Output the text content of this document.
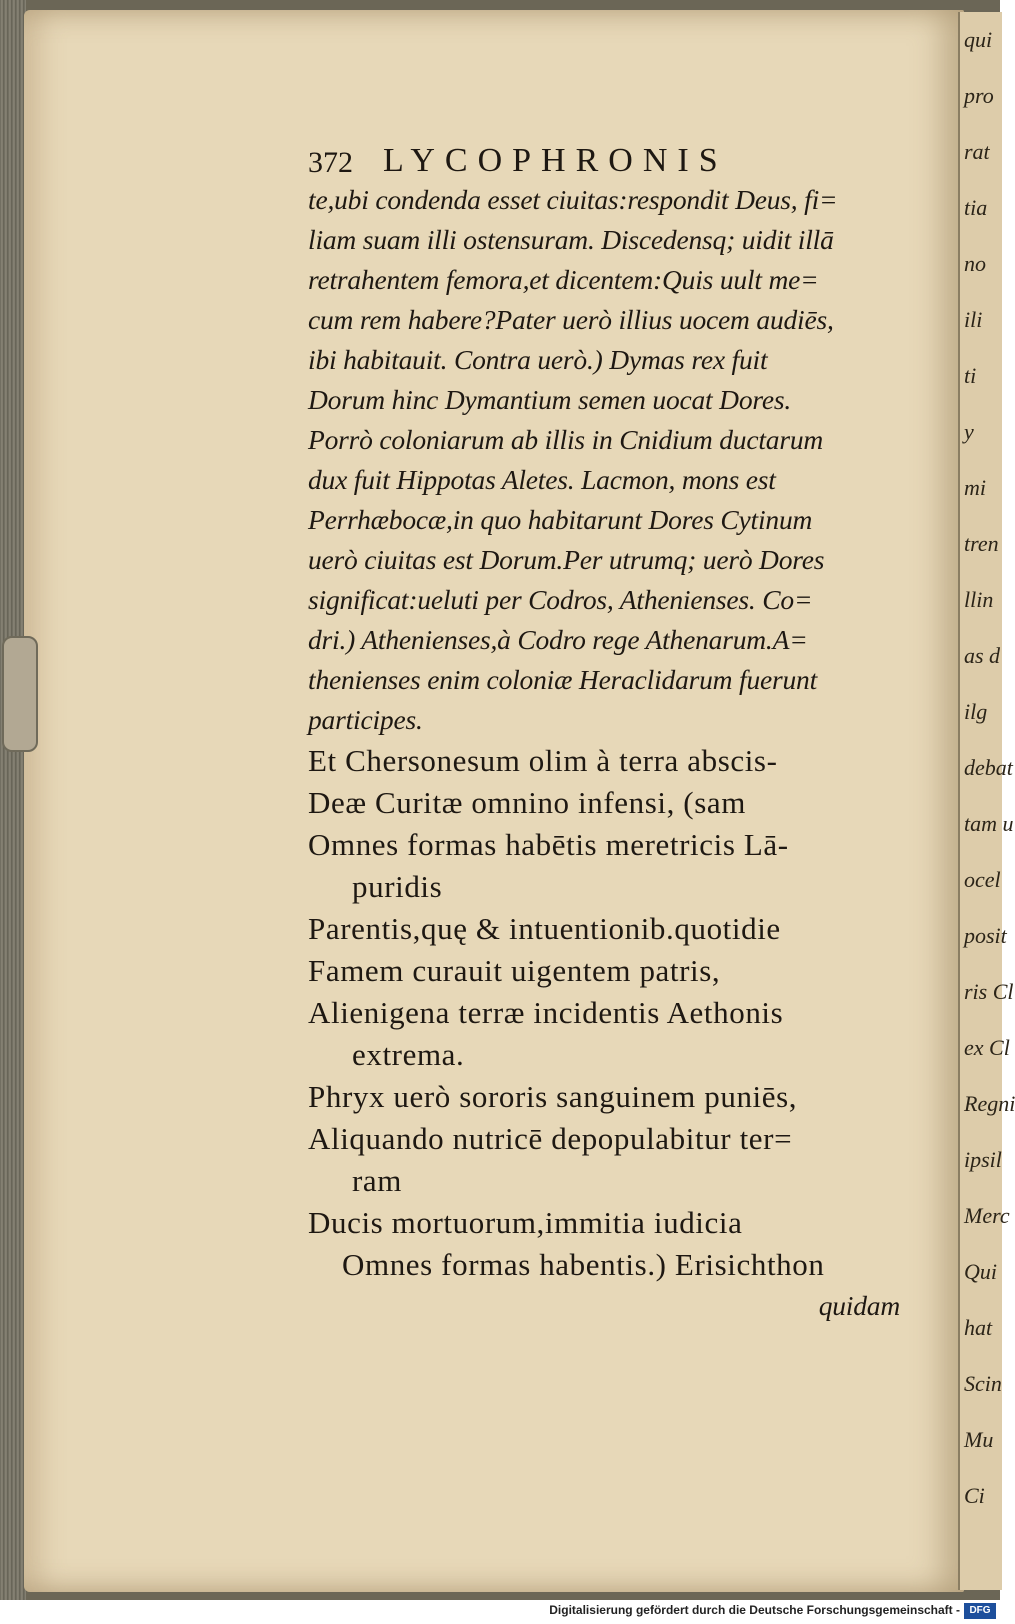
qui
pro
rat
tia
no
ili
ti
y
mi
tren
llin
as d
ilg
debat
tam u
ocel
posit
ris Cl
ex Cl
Regni
ipsil
Merc
Qui
hat
Scin
Mu
Ci
372 LYCOPHRONIS
te,ubi condenda esset ciuitas:respondit Deus, fi=
liam suam illi ostensuram. Discedensq; uidit illā
retrahentem femora,et dicentem:Quis uult me=
cum rem habere?Pater uerò illius uocem audiēs,
ibi habitauit. Contra uerò.) Dymas rex fuit
Dorum hinc Dymantium semen uocat Dores.
Porrò coloniarum ab illis in Cnidium ductarum
dux fuit Hippotas Aletes. Lacmon, mons est
Perrhæbocæ,in quo habitarunt Dores Cytinum
uerò ciuitas est Dorum.Per utrumq; uerò Dores
significat:ueluti per Codros, Athenienses. Co=
dri.) Athenienses,à Codro rege Athenarum.A=
thenienses enim coloniæ Heraclidarum fuerunt
participes.
Et Chersonesum olim à terra abscis-
Deæ Curitæ omnino infensi, (sam
Omnes formas habētis meretricis Lā-
puridis
Parentis,quę & intuentionib.quotidie
Famem curauit uigentem patris,
Alienigena terræ incidentis Aethonis
extrema.
Phryx uerò sororis sanguinem puniēs,
Aliquando nutricē depopulabitur ter=
ram
Ducis mortuorum,immitia iudicia
Omnes formas habentis.) Erisichthon
quidam
Digitalisierung gefördert durch die Deutsche Forschungsgemeinschaft - DFG
